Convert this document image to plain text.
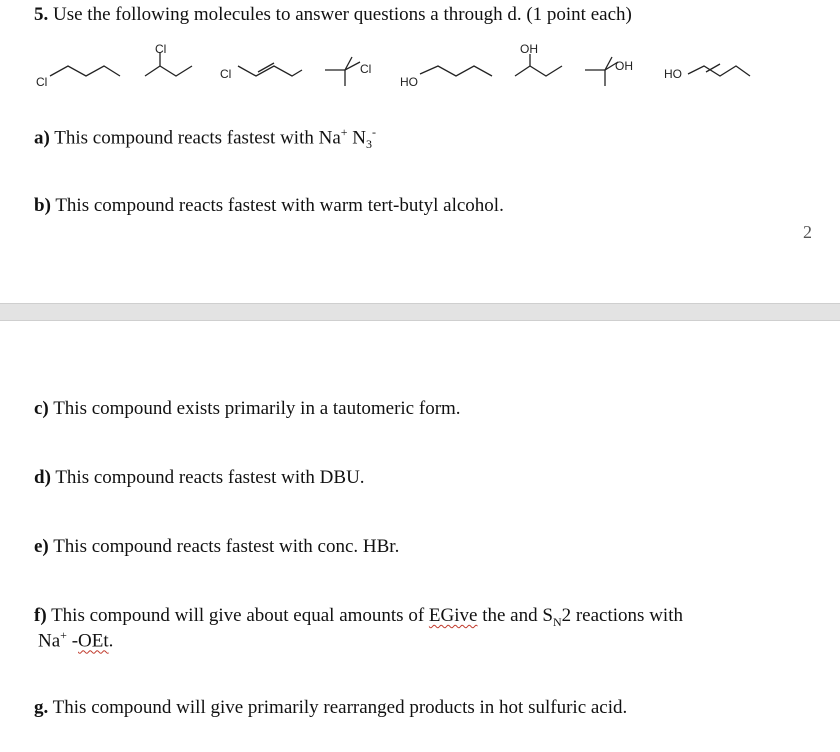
5. Use the following molecules to answer questions a through d. (1 point each)
Cl
Cl
Cl	Cl
HO
OH
OH
HO
a) This compound reacts fastest with Na+ $N_3^-$
b) This compound reacts fastest with warm tert-butyl alcohol.
2
c) This compound exists primarily in a tautomeric form.
d) This compound reacts fastest with DBU.
e) This compound reacts fastest with conc. HBr.
f) This compound will give about equal amounts of EGive the and $S_N2$ reactions with
Na+ -OEt.
g. This compound will give primarily rearranged products in hot sulfuric acid.
